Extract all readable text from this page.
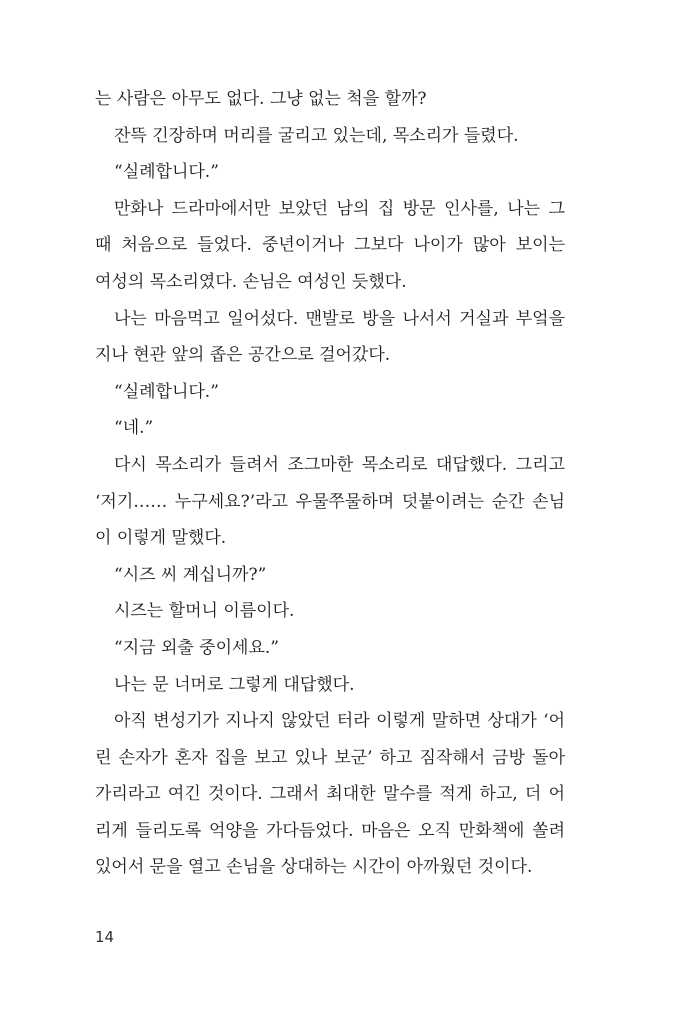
는 사람은 아무도 없다. 그냥 없는 척을 할까?
잔뜩 긴장하며 머리를 굴리고 있는데, 목소리가 들렸다.
“실례합니다.”
만화나 드라마에서만 보았던 남의 집 방문 인사를, 나는 그
때 처음으로 들었다. 중년이거나 그보다 나이가 많아 보이는
여성의 목소리였다. 손님은 여성인 듯했다.
나는 마음먹고 일어섰다. 맨발로 방을 나서서 거실과 부엌을
지나 현관 앞의 좁은 공간으로 걸어갔다.
“실례합니다.”
“네.”
다시 목소리가 들려서 조그마한 목소리로 대답했다. 그리고
‘저기…… 누구세요?’라고 우물쭈물하며 덧붙이려는 순간 손님
이 이렇게 말했다.
“시즈 씨 계십니까?”
시즈는 할머니 이름이다.
“지금 외출 중이세요.”
나는 문 너머로 그렇게 대답했다.
아직 변성기가 지나지 않았던 터라 이렇게 말하면 상대가 ‘어
린 손자가 혼자 집을 보고 있나 보군’ 하고 짐작해서 금방 돌아
가리라고 여긴 것이다. 그래서 최대한 말수를 적게 하고, 더 어
리게 들리도록 억양을 가다듬었다. 마음은 오직 만화책에 쏠려
있어서 문을 열고 손님을 상대하는 시간이 아까웠던 것이다.
14
